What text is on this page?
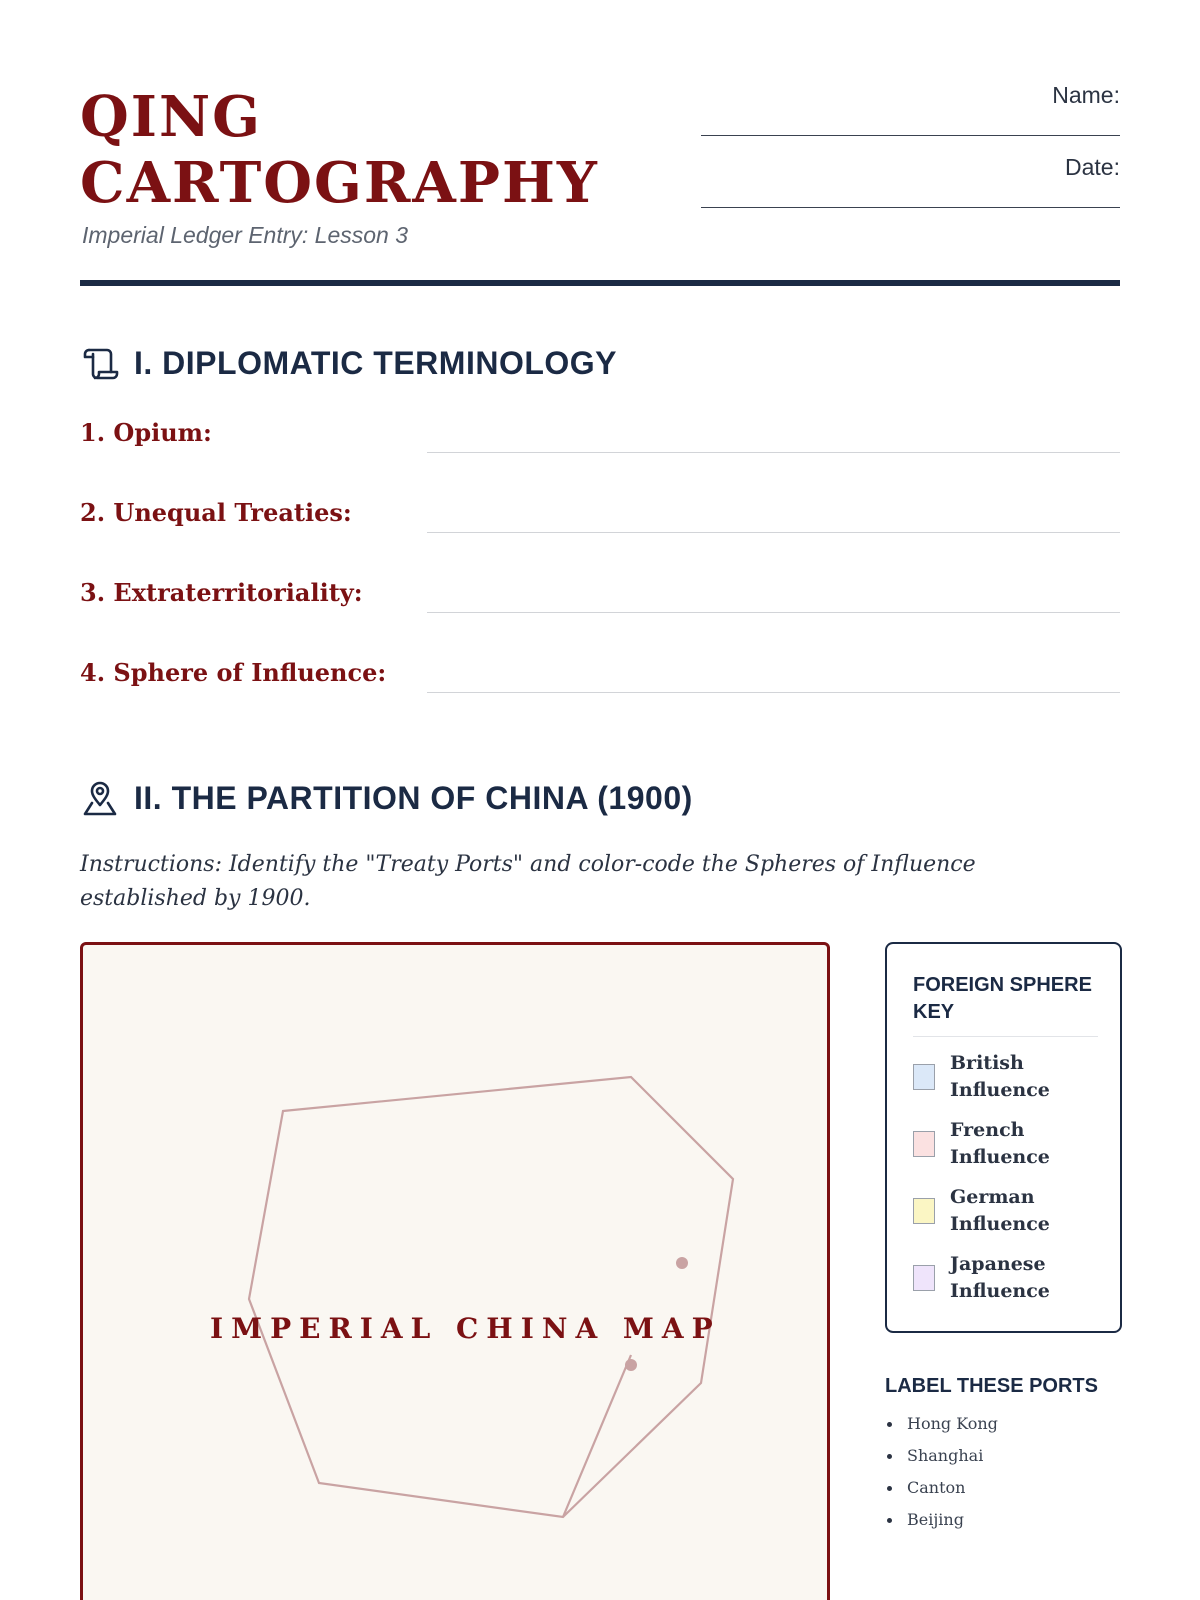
QING
CARTOGRAPHY
Imperial Ledger Entry: Lesson 3
Name:
Date:
I. DIPLOMATIC TERMINOLOGY
1. Opium:
2. Unequal Treaties:
3. Extraterritoriality:
4. Sphere of Influence:
II. THE PARTITION OF CHINA (1900)
Instructions: Identify the "Treaty Ports" and color-code the Spheres of Influence established by 1900.
IMPERIAL CHINA MAP
FOREIGN SPHERE KEY
British Influence
French Influence
German Influence
Japanese Influence
LABEL THESE PORTS
Hong Kong
Shanghai
Canton
Beijing
